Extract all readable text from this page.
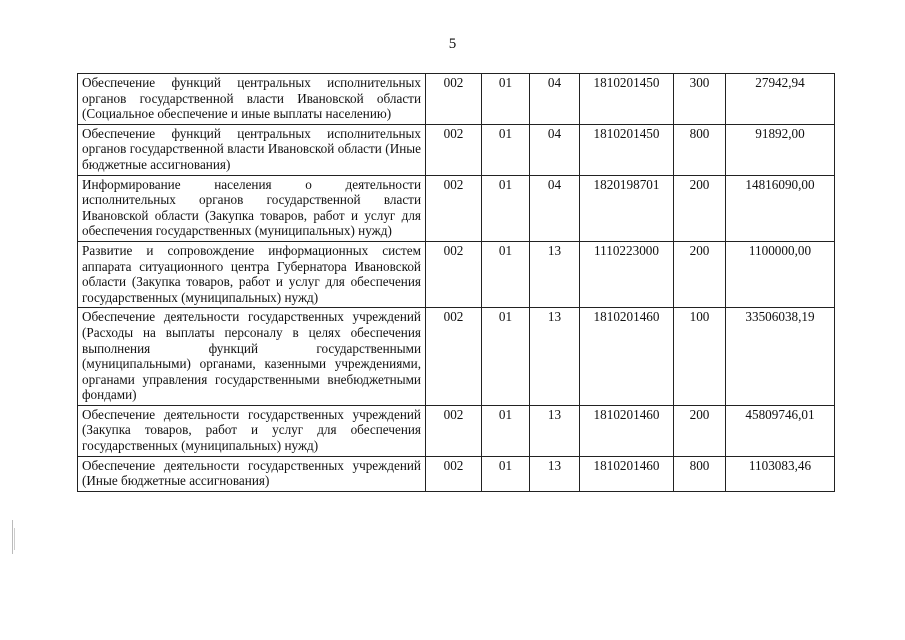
5
Обеспечение функций центральных исполнительных органов государственной власти Ивановской области (Социальное обеспечение и иные выплаты населению)	002	01	04	1810201450	300	27942,94
Обеспечение функций центральных исполнительных органов государственной власти Ивановской области (Иные бюджетные ассигнования)	002	01	04	1810201450	800	91892,00
Информирование населения о деятельности исполнительных органов государственной власти Ивановской области (Закупка товаров, работ и услуг для обеспечения государственных (муниципальных) нужд)	002	01	04	1820198701	200	14816090,00
Развитие и сопровождение информационных систем аппарата ситуационного центра Губернатора Ивановской области (Закупка товаров, работ и услуг для обеспечения государственных (муниципальных) нужд)	002	01	13	1110223000	200	1100000,00
Обеспечение деятельности государственных учреждений (Расходы на выплаты персоналу в целях обеспечения выполнения функций государственными (муниципальными) органами, казенными учреждениями, органами управления государственными внебюджетными фондами)	002	01	13	1810201460	100	33506038,19
Обеспечение деятельности государственных учреждений (Закупка товаров, работ и услуг для обеспечения государственных (муниципальных) нужд)	002	01	13	1810201460	200	45809746,01
Обеспечение деятельности государственных учреждений (Иные бюджетные ассигнования)	002	01	13	1810201460	800	1103083,46
